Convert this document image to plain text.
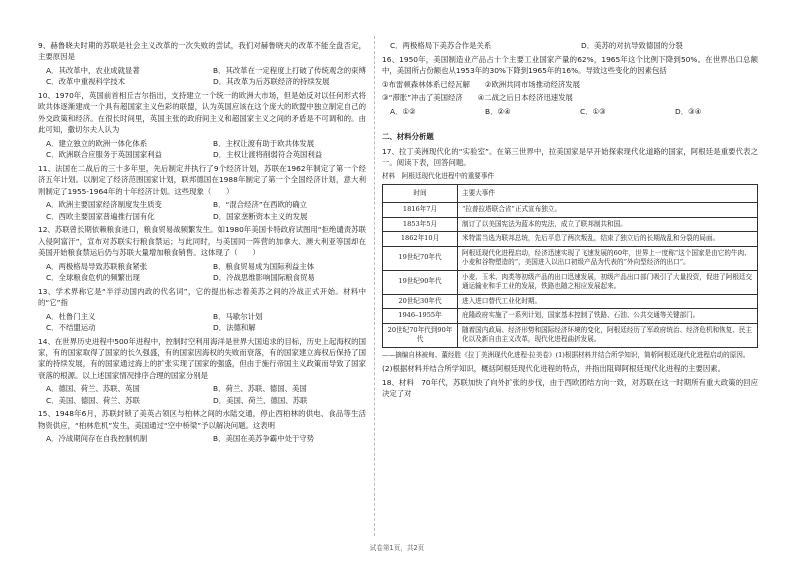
9、赫鲁晓夫时期的苏联是社会主义改革的一次失败的尝试，我们对赫鲁晓夫的改革不能全盘否定，主要原因是

A．其改革中，农业成就显著	B．其改革在一定程度上打破了传统观念的束缚
C．改革中重视科学技术	D．其改革为后苏联经济的持续发展

10、1970年，英国前首相丘吉尔指出，支持建立一个统一的欧洲大市场，但是始反对以任何形式将欧共体逐渐建成一个具有超国家主义色彩的联盟，认为英国应该在这个庞大的欧盟中独立制定自己的外交政策和经济。在很长时间里，英国主张的政府间主义和超国家主义之间的矛盾是不可调和的。由此可知，撒切尔夫人认为

A．建立独立的欧洲一体化体系	B．主权让渡有助于欧共体发展
C．欧洲联合应服务于英国国家利益	D．主权让渡将削弱符合英国利益

11、法国在二战后的三十多年里，先后制定并执行了9个经济计划，苏联在1962年制定了第一个经济五年计划。以制定了经济范围国家计划，联邦德国在1988年制定了第一个全国经济计划，意大利则制定了1955-1964年的十年经济计划。这些现象（　　）

A．欧洲主要国家经济制度发生质变	B．“混合经济”在西欧的确立
C．西欧主要国家普遍推行国有化	D．国家垄断资本主义的发展

12、苏联曾长期依赖粮食进口，粮食贸易战频繁发生。如1980年美国卡特政府试图用“拒绝谴责苏联入侵阿富汗”，宣布对苏联实行粮食禁运；与此同时，与美国同一阵营的加拿大、澳大利亚等国却在美国开始粮食禁运后仍与苏联大量增加粮食销售。这体现了（　　）

A．两极格局导致苏联粮食紧张	B．粮食贸易成为国际利益主体
C．全球粮食危机的频繁出现	D．冷战思维影响国际粮食贸易

13、学术界称它是“半浮动国内政的代名词”，它的提出标志着美苏之间的冷战正式开始。材料中的“它”指

A．杜鲁门主义	B．马歇尔计划
C．不结盟运动	D．法德和解

14、在世界历史进程中500年进程中，控制时空利用海洋是世界大国追求的目标，历史上起海权的国家，有的国家取得了国家的长久强盛，有的国家因海权的失败而衰落，有的国家建立海权后保持了国家的持续发展，有的国家通过海上的扩张实现了国家的强盛，但由于施行帝国主义政策而导致了国家衰落的根源。以上述国家情况排序合理的国家分别是

A．德国、荷兰、苏联、英国	B．荷兰、苏联、德国、美国
C．美国、德国、荷兰、苏联	D．美国、荷兰、德国、苏联

15、1948年6月，苏联封锁了美英占领区与柏林之间的水陆交通，停止西柏林的供电、食品等生活物资供应，“柏林危机”发生，美国通过“空中桥梁”予以解决问题。这表明

A．冷战期间存在自我控制机制	B．美国在美苏争霸中处于守势
C．两极格局下美苏合作是关系	D．美苏的对抗导致德国的分裂

16、1950年，美国制造业产品占十个主要工业国家产量的62%，1965年这个比例下降到50%。在世界出口总额中，美国所占份额也从1953年的30%下降到1965年的16%。导致这些变化的因素包括

①布雷顿森林体系已经瓦解　　②欧洲共同市场推动经济发展

③“滞胀”冲击了美国经济　　④二战之后日本经济迅速发展

A．①②	B．②④	C．①③	D．③④
二、材料分析题

17、拉丁美洲现代化的“实验室”。在第三世界中，拉美国家是早开始探索现代化道路的国家，阿根廷是重要代表之一。阅读下表，回答问题。

材料　阿根廷现代化进程中的重要事件
时间	主要大事件
1816年7月	“拉普拉塔联合省”正式宣布独立。
1853年5月	制订了以美国宪法为蓝本的宪法，成立了联邦制共和国。
1862年10月	米特雷当选为联邦总统，先后平息了两次叛乱，结束了独立后的长期战乱和分裂的局面。
19世纪70年代	阿根廷现代化进程启动，经济迅速实现了飞速发展的60年，世界上一度称“这个国家是由它的牛肉、小麦和谷物塑造的”，美国进入以出口初级产品为代表的“外向型经济的出口”。
19世纪90年代	小麦、玉米、肉类等初级产品的出口迅速发展，初级产品出口部门吸引了大量投资，促进了阿根廷交通运输业和手工业的发展，铁路也随之相应发展起来。
20世纪30年代	进入进口替代工业化时期。
1946–1955年	庇隆政府实施了一系列计划，国家基本控制了铁路、石油、公共交通等关键部门。
20世纪70年代到90年代	随着国内政局、经济形势和国际经济环境的变化，阿根廷经历了军政府统治、经济危机和恢复、民主化以及新自由主义改革，现代化进程曲折发展。

——摘编自林被甸、董经胜《拉丁美洲现代化进程·拉美卷》(1)根据材料并结合所学知识，简析阿根廷现代化进程启动的原因。

(2)根据材料并结合所学知识，概括阿根廷现代化进程的特点，并指出阻碍阿根廷现代化进程的主要因素。

18、材料　70年代，苏联加快了向外扩张的步伐，由于西欧团结方向一致，对苏联在这一时期所有重大政策的回应决定了对

试卷第1页，共2页
